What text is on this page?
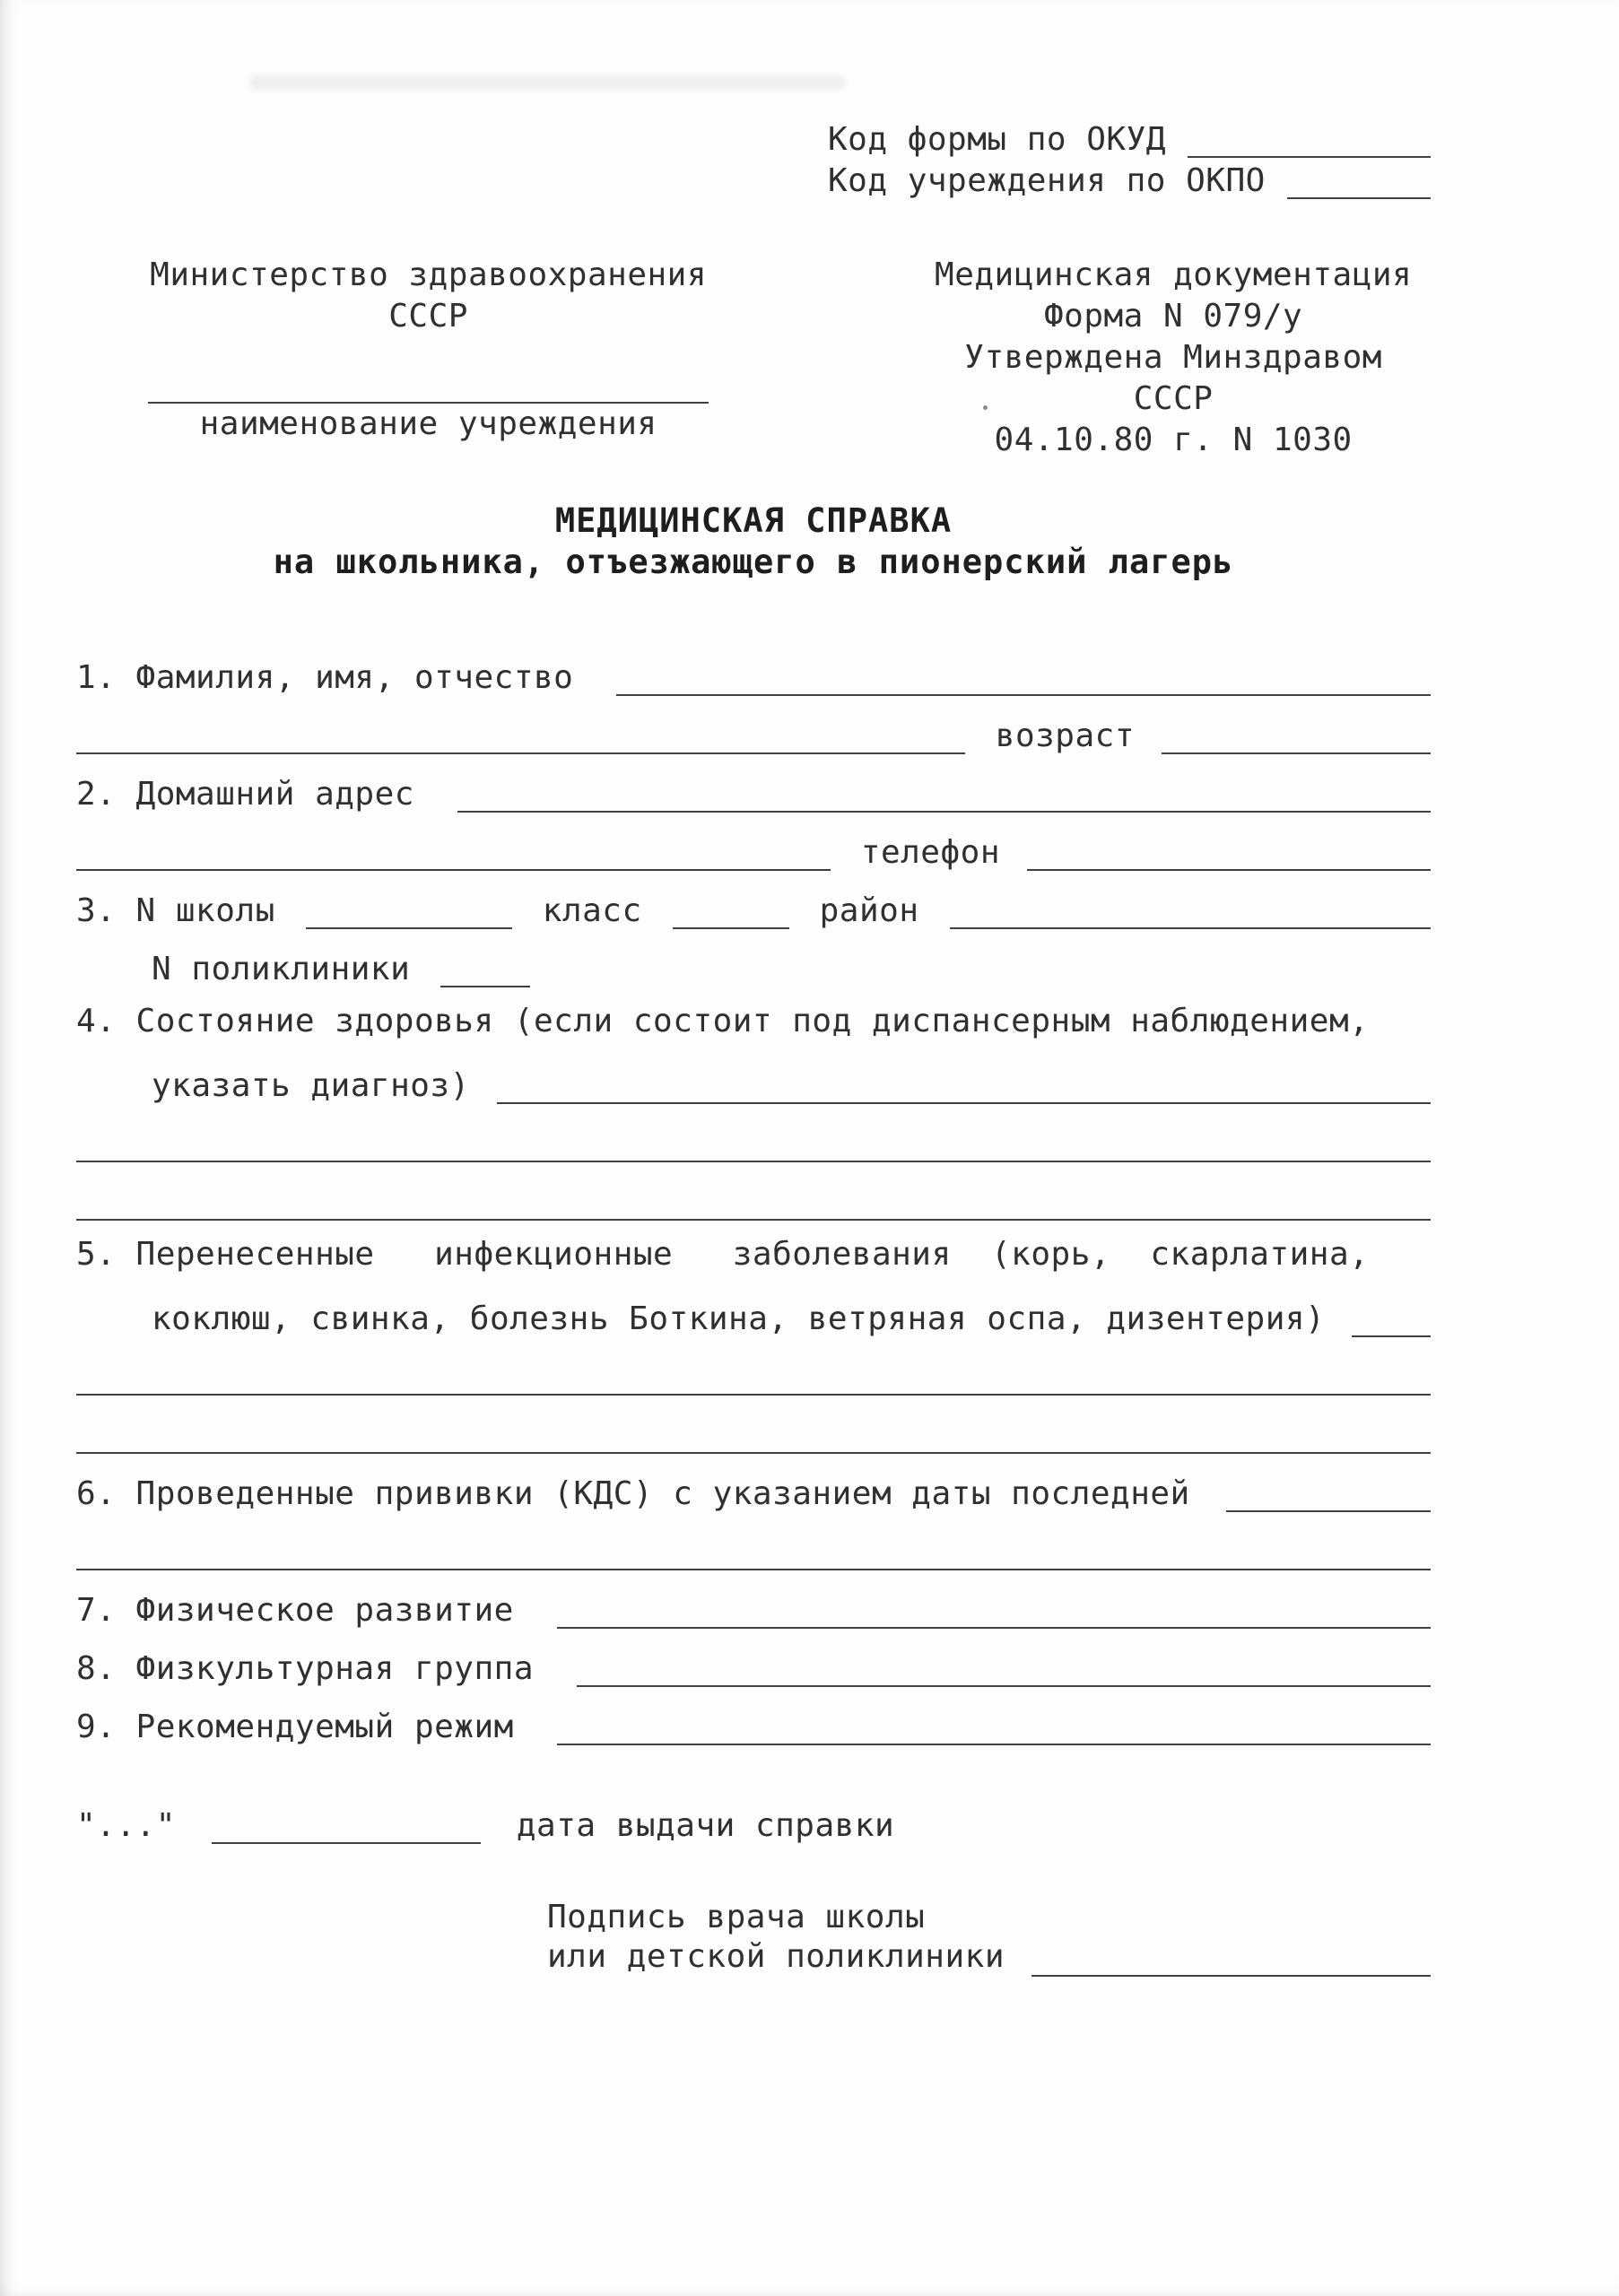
Код формы по ОКУД
Код учреждения по ОКПО
Министерство здравоохранения
СССР
наименование учреждения
Медицинская документация
Форма N 079/у
Утверждена Минздравом СССР
04.10.80 г. N 1030
МЕДИЦИНСКАЯ СПРАВКА
на школьника, отъезжающего в пионерский лагерь
1. Фамилия, имя, отчество
возраст
2. Домашний адрес
телефон
3. N школы	класс	район
N поликлиники
4. Состояние здоровья (если состоит под диспансерным наблюдением,
указать диагноз)
5. Перенесенные   инфекционные   заболевания  (корь,  скарлатина,
коклюш, свинка, болезнь Боткина, ветряная оспа, дизентерия)
6. Проведенные прививки (КДС) с указанием даты последней
7. Физическое развитие
8. Физкультурная группа
9. Рекомендуемый режим
"..."	дата выдачи справки
Подпись врача школы
или детской поликлиники
